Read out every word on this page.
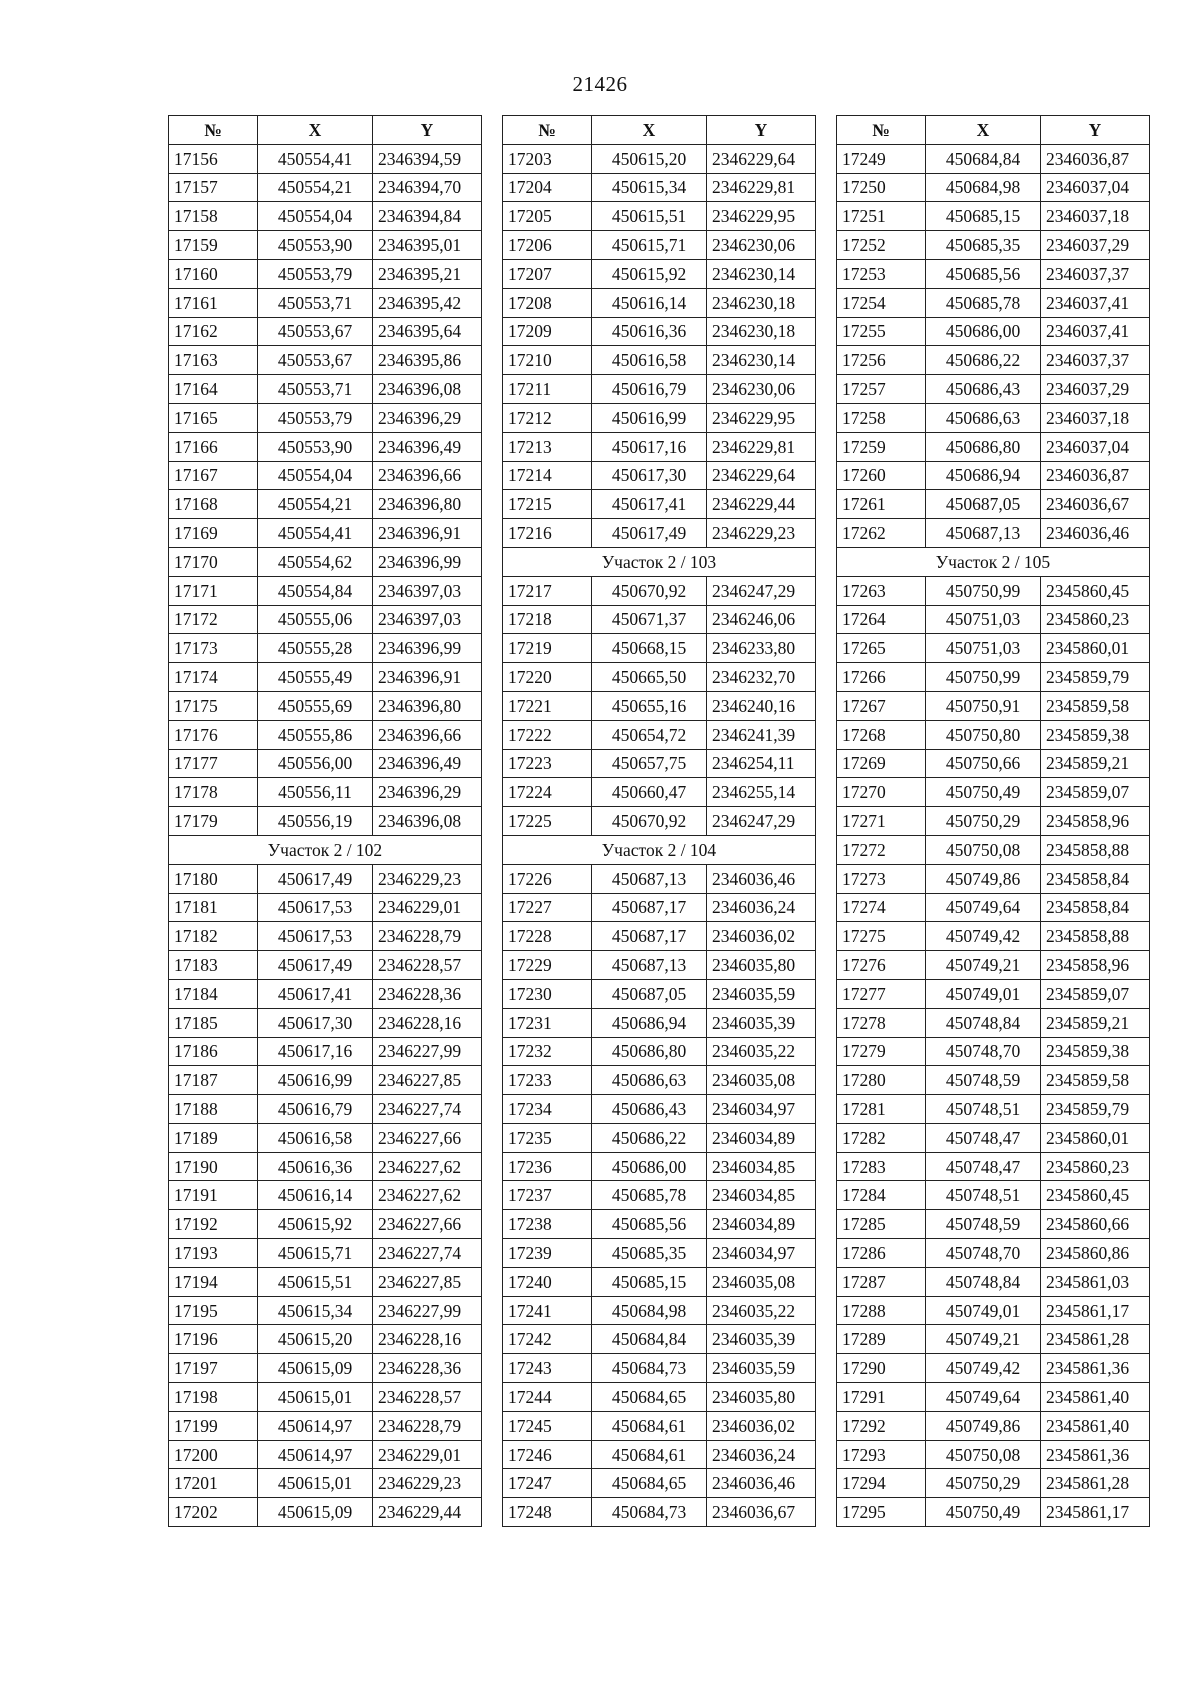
21426
№	X	Y
17156	450554,41	2346394,59
17157	450554,21	2346394,70
17158	450554,04	2346394,84
17159	450553,90	2346395,01
17160	450553,79	2346395,21
17161	450553,71	2346395,42
17162	450553,67	2346395,64
17163	450553,67	2346395,86
17164	450553,71	2346396,08
17165	450553,79	2346396,29
17166	450553,90	2346396,49
17167	450554,04	2346396,66
17168	450554,21	2346396,80
17169	450554,41	2346396,91
17170	450554,62	2346396,99
17171	450554,84	2346397,03
17172	450555,06	2346397,03
17173	450555,28	2346396,99
17174	450555,49	2346396,91
17175	450555,69	2346396,80
17176	450555,86	2346396,66
17177	450556,00	2346396,49
17178	450556,11	2346396,29
17179	450556,19	2346396,08
Участок 2 / 102		
17180	450617,49	2346229,23
17181	450617,53	2346229,01
17182	450617,53	2346228,79
17183	450617,49	2346228,57
17184	450617,41	2346228,36
17185	450617,30	2346228,16
17186	450617,16	2346227,99
17187	450616,99	2346227,85
17188	450616,79	2346227,74
17189	450616,58	2346227,66
17190	450616,36	2346227,62
17191	450616,14	2346227,62
17192	450615,92	2346227,66
17193	450615,71	2346227,74
17194	450615,51	2346227,85
17195	450615,34	2346227,99
17196	450615,20	2346228,16
17197	450615,09	2346228,36
17198	450615,01	2346228,57
17199	450614,97	2346228,79
17200	450614,97	2346229,01
17201	450615,01	2346229,23
17202	450615,09	2346229,44
№	X	Y
17203	450615,20	2346229,64
17204	450615,34	2346229,81
17205	450615,51	2346229,95
17206	450615,71	2346230,06
17207	450615,92	2346230,14
17208	450616,14	2346230,18
17209	450616,36	2346230,18
17210	450616,58	2346230,14
17211	450616,79	2346230,06
17212	450616,99	2346229,95
17213	450617,16	2346229,81
17214	450617,30	2346229,64
17215	450617,41	2346229,44
17216	450617,49	2346229,23
Участок 2 / 103		
17217	450670,92	2346247,29
17218	450671,37	2346246,06
17219	450668,15	2346233,80
17220	450665,50	2346232,70
17221	450655,16	2346240,16
17222	450654,72	2346241,39
17223	450657,75	2346254,11
17224	450660,47	2346255,14
17225	450670,92	2346247,29
Участок 2 / 104		
17226	450687,13	2346036,46
17227	450687,17	2346036,24
17228	450687,17	2346036,02
17229	450687,13	2346035,80
17230	450687,05	2346035,59
17231	450686,94	2346035,39
17232	450686,80	2346035,22
17233	450686,63	2346035,08
17234	450686,43	2346034,97
17235	450686,22	2346034,89
17236	450686,00	2346034,85
17237	450685,78	2346034,85
17238	450685,56	2346034,89
17239	450685,35	2346034,97
17240	450685,15	2346035,08
17241	450684,98	2346035,22
17242	450684,84	2346035,39
17243	450684,73	2346035,59
17244	450684,65	2346035,80
17245	450684,61	2346036,02
17246	450684,61	2346036,24
17247	450684,65	2346036,46
17248	450684,73	2346036,67
№	X	Y
17249	450684,84	2346036,87
17250	450684,98	2346037,04
17251	450685,15	2346037,18
17252	450685,35	2346037,29
17253	450685,56	2346037,37
17254	450685,78	2346037,41
17255	450686,00	2346037,41
17256	450686,22	2346037,37
17257	450686,43	2346037,29
17258	450686,63	2346037,18
17259	450686,80	2346037,04
17260	450686,94	2346036,87
17261	450687,05	2346036,67
17262	450687,13	2346036,46
Участок 2 / 105		
17263	450750,99	2345860,45
17264	450751,03	2345860,23
17265	450751,03	2345860,01
17266	450750,99	2345859,79
17267	450750,91	2345859,58
17268	450750,80	2345859,38
17269	450750,66	2345859,21
17270	450750,49	2345859,07
17271	450750,29	2345858,96
17272	450750,08	2345858,88
17273	450749,86	2345858,84
17274	450749,64	2345858,84
17275	450749,42	2345858,88
17276	450749,21	2345858,96
17277	450749,01	2345859,07
17278	450748,84	2345859,21
17279	450748,70	2345859,38
17280	450748,59	2345859,58
17281	450748,51	2345859,79
17282	450748,47	2345860,01
17283	450748,47	2345860,23
17284	450748,51	2345860,45
17285	450748,59	2345860,66
17286	450748,70	2345860,86
17287	450748,84	2345861,03
17288	450749,01	2345861,17
17289	450749,21	2345861,28
17290	450749,42	2345861,36
17291	450749,64	2345861,40
17292	450749,86	2345861,40
17293	450750,08	2345861,36
17294	450750,29	2345861,28
17295	450750,49	2345861,17
